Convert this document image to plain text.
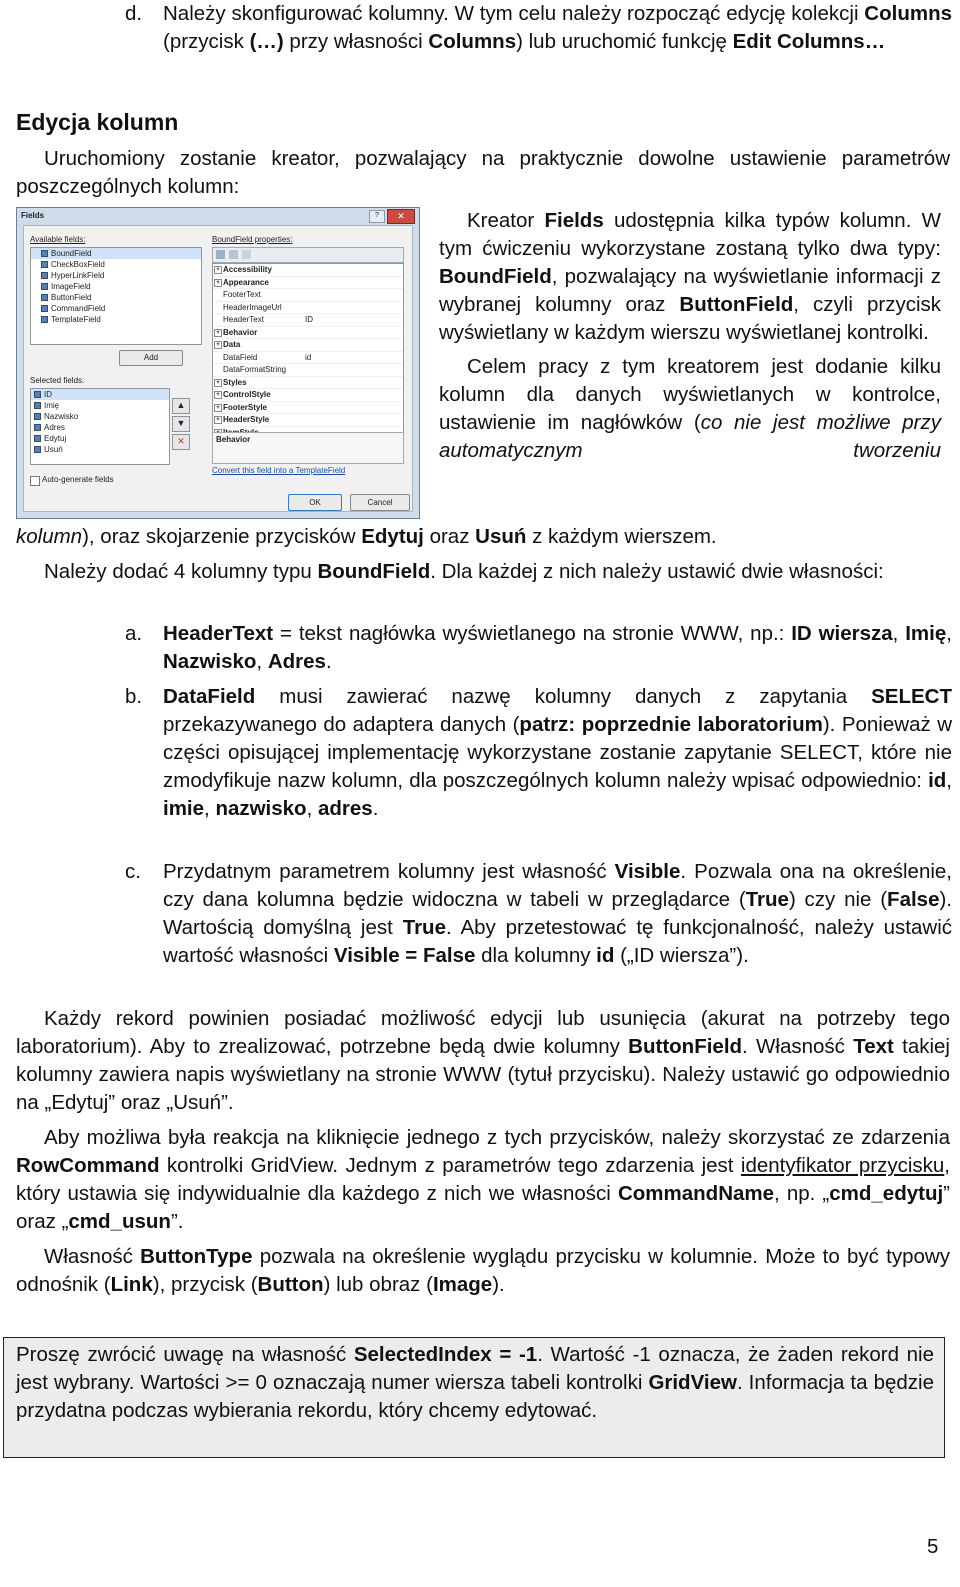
d. Należy skonfigurować kolumny. W tym celu należy rozpocząć edycję kolekcji Columns (przycisk (…) przy własności Columns) lub uruchomić funkcję Edit Columns…

Edycja kolumn

Uruchomiony zostanie kreator, pozwalający na praktycznie dowolne ustawienie parametrów poszczególnych kolumn:

Fields	?	✕
Available fields:
BoundField
CheckBoxField
HyperLinkField
ImageField
ButtonField
CommandField
TemplateField
Add
Selected fields:
ID
Imię
Nazwisko
Adres
Edytuj
Usuń
▲
▼
✕
Auto-generate fields
BoundField properties:
+ Accessibility
+ Appearance
FooterText
HeaderImageUrl
HeaderText	ID
+ Behavior
+ Data
DataField	id
DataFormatString
+ Styles
+ ControlStyle
+ FooterStyle
+ HeaderStyle
Behavior
Convert this field into a TemplateField
OK	Cancel

Kreator Fields udostępnia kilka typów kolumn. W tym ćwiczeniu wykorzystane zostaną tylko dwa typy: BoundField, pozwalający na wyświetlanie informacji z wybranej kolumny oraz ButtonField, czyli przycisk wyświetlany w każdym wierszu wyświetlanej kontrolki.

Celem pracy z tym kreatorem jest dodanie kilku kolumn dla danych wyświetlanych w kontrolce, ustawienie im nagłówków (co nie jest możliwe przy automatycznym tworzeniu

kolumn), oraz skojarzenie przycisków Edytuj oraz Usuń z każdym wierszem.

Należy dodać 4 kolumny typu BoundField. Dla każdej z nich należy ustawić dwie własności:

a. HeaderText = tekst nagłówka wyświetlanego na stronie WWW, np.: ID wiersza, Imię, Nazwisko, Adres.

b. DataField musi zawierać nazwę kolumny danych z zapytania SELECT przekazywanego do adaptera danych (patrz: poprzednie laboratorium). Ponieważ w części opisującej implementację wykorzystane zostanie zapytanie SELECT, które nie zmodyfikuje nazw kolumn, dla poszczególnych kolumn należy wpisać odpowiednio: id, imie, nazwisko, adres.

c. Przydatnym parametrem kolumny jest własność Visible. Pozwala ona na określenie, czy dana kolumna będzie widoczna w tabeli w przeglądarce (True) czy nie (False). Wartością domyślną jest True. Aby przetestować tę funkcjonalność, należy ustawić wartość własności Visible = False dla kolumny id („ID wiersza”).

Każdy rekord powinien posiadać możliwość edycji lub usunięcia (akurat na potrzeby tego laboratorium). Aby to zrealizować, potrzebne będą dwie kolumny ButtonField. Własność Text takiej kolumny zawiera napis wyświetlany na stronie WWW (tytuł przycisku). Należy ustawić go odpowiednio na „Edytuj” oraz „Usuń”.

Aby możliwa była reakcja na kliknięcie jednego z tych przycisków, należy skorzystać ze zdarzenia RowCommand kontrolki GridView. Jednym z parametrów tego zdarzenia jest identyfikator przycisku, który ustawia się indywidualnie dla każdego z nich we własności CommandName, np. „cmd_edytuj” oraz „cmd_usun”.

Własność ButtonType pozwala na określenie wyglądu przycisku w kolumnie. Może to być typowy odnośnik (Link), przycisk (Button) lub obraz (Image).

Proszę zwrócić uwagę na własność SelectedIndex = -1. Wartość -1 oznacza, że żaden rekord nie jest wybrany. Wartości >= 0 oznaczają numer wiersza tabeli kontrolki GridView. Informacja ta będzie przydatna podczas wybierania rekordu, który chcemy edytować.

5
